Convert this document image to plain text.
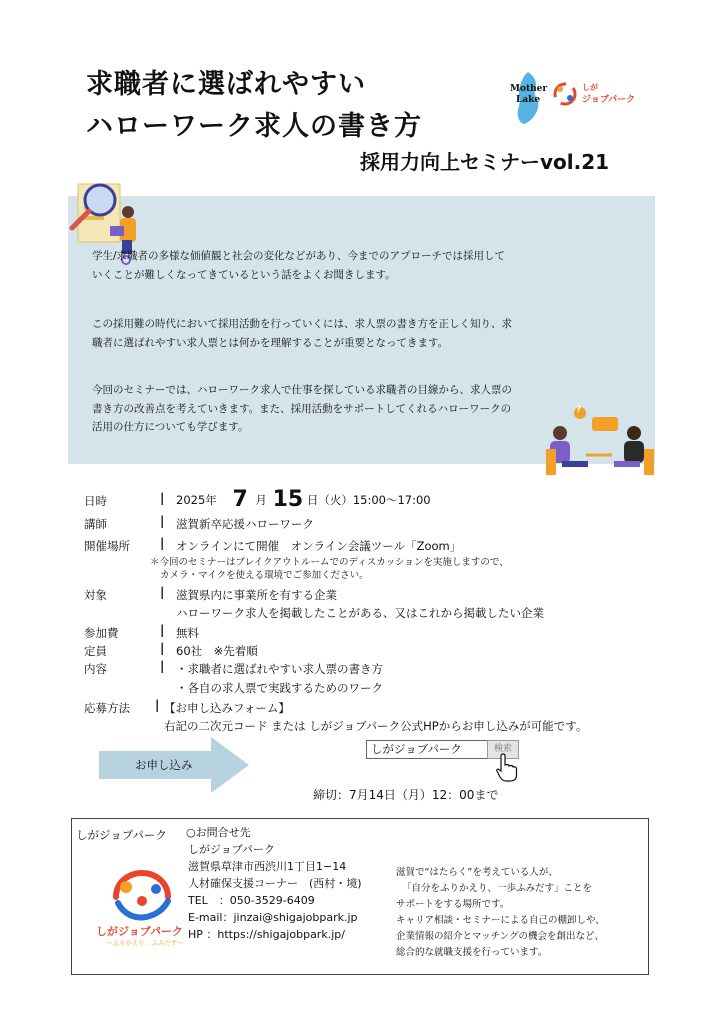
求職者に選ばれやすい
ハローワーク求人の書き方
採用力向上セミナーvol.21
Mother
Lake
しが
ジョブパーク
学生/求職者の多様な価値観と社会の変化などがあり、今までのアプローチでは採用していくことが難しくなってきているという話をよくお聞きします。
この採用難の時代において採用活動を行っていくには、求人票の書き方を正しく知り、求職者に選ばれやすい求人票とは何かを理解することが重要となってきます。
今回のセミナーでは、ハローワーク求人で仕事を探している求職者の目線から、求人票の書き方の改善点を考えていきます。また、採用活動をサポートしてくれるハローワークの活用の仕方についても学びます。
?
日時	| 2025年 7 月 15 日（火）15:00～17:00
講師	| 滋賀新卒応援ハローワーク
開催場所	| オンラインにて開催　オンライン会議ツール「Zoom」
＊今回のセミナーはブレイクアウトルームでのディスカッションを実施しますので、
カメラ・マイクを使える環境でご参加ください。
対象	| 滋賀県内に事業所を有する企業
ハローワーク求人を掲載したことがある、又はこれから掲載したい企業
参加費	| 無料
定員	| 60社　※先着順
内容	| ・求職者に選ばれやすい求人票の書き方
・各自の求人票で実践するためのワーク
応募方法 | 【お申し込みフォーム】
右記の二次元コード または しがジョブパーク公式HPからお申し込みが可能です。
お申し込み
しがジョブパーク	検索
締切：7月14日（月）12：00まで
しがジョブパーク
しがジョブパーク
～ふりかえり、ふみだす～
○お問合せ先
しがジョブパーク
滋賀県草津市西渋川1丁目1−14
人材確保支援コーナー　(西村・境)
TEL　：050-3529-6409
E-mail：jinzai@shigajobpark.jp
HP ：https://shigajobpark.jp/
滋賀で“はたらく”を考えている人が、
「自分をふりかえり、一歩ふみだす」ことを
サポートをする場所です。
キャリア相談・セミナーによる自己の棚卸しや、
企業情報の紹介とマッチングの機会を創出など、
総合的な就職支援を行っています。
